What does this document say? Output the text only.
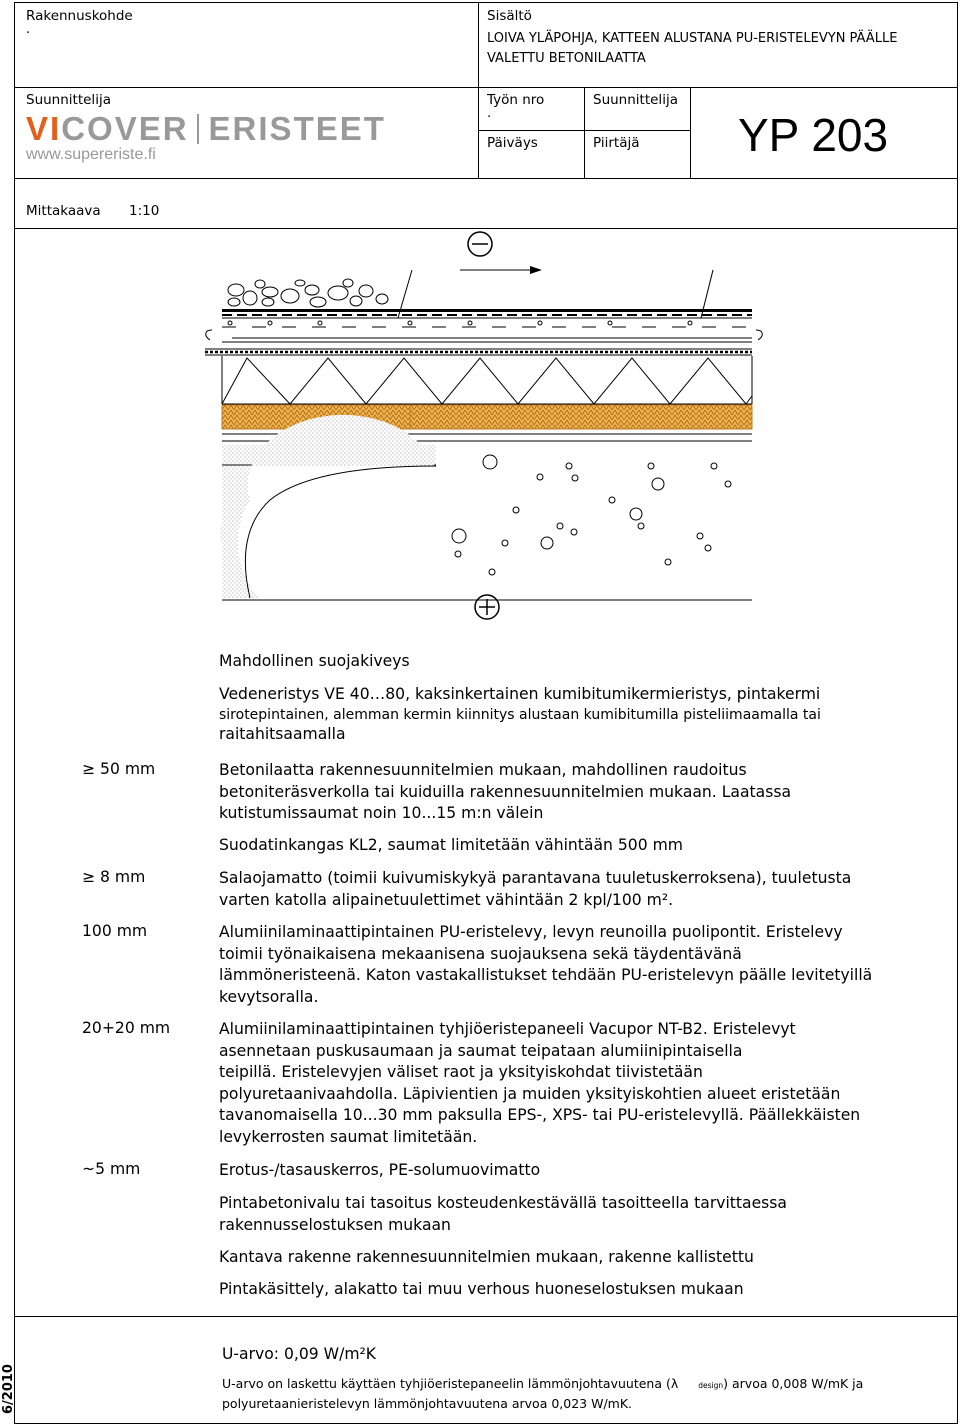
Rakennuskohde
.
Sisältö
LOIVA YLÄPOHJA, KATTEEN ALUSTANA PU-ERISTELEVYN PÄÄLLE
VALETTU BETONILAATTA
Suunnittelija
VICOVER ERISTEET
www.supereriste.fi
Työn nro
.
Suunnittelija
Päiväys	Piirtäjä YP 203
Mittakaava 1:10
Mahdollinen suojakiveys
Vedeneristys VE 40…80, kaksinkertainen kumibitumikermieristys, pintakermi
sirotepintainen, alemman kermin kiinnitys alustaan kumibitumilla pisteliimaamalla tai
raitahitsaamalla
≥ 50 mm	Betonilaatta rakennesuunnitelmien mukaan, mahdollinen raudoitus
betoniteräsverkolla tai kuiduilla rakennesuunnitelmien mukaan. Laatassa
kutistumissaumat noin 10...15 m:n välein
Suodatinkangas KL2, saumat limitetään vähintään 500 mm
≥ 8 mm	Salaojamatto (toimii kuivumiskykyä parantavana tuuletuskerroksena), tuuletusta
varten katolla alipainetuulettimet vähintään 2 kpl/100 m².
100 mm	Alumiinilaminaattipintainen PU-eristelevy, levyn reunoilla puolipontit. Eristelevy
toimii työnaikaisena mekaanisena suojauksena sekä täydentävänä
lämmöneristeenä. Katon vastakallistukset tehdään PU-eristelevyn päälle levitetyillä
kevytsoralla.
20+20 mm	Alumiinilaminaattipintainen tyhjiöeristepaneeli Vacupor NT-B2. Eristelevyt
asennetaan puskusaumaan ja saumat teipataan alumiinipintaisella
teipillä. Eristelevyjen väliset raot ja yksityiskohdat tiivistetään
polyuretaanivaahdolla. Läpivientien ja muiden yksityiskohtien alueet eristetään
tavanomaisella 10...30 mm paksulla EPS-, XPS- tai PU-eristelevyllä. Päällekkäisten
levykerrosten saumat limitetään.
~5 mm	Erotus-/tasauskerros, PE-solumuovimatto
Pintabetonivalu tai tasoitus kosteudenkestävällä tasoitteella tarvittaessa
rakennusselostuksen mukaan
Kantava rakenne rakennesuunnitelmien mukaan, rakenne kallistettu
Pintakäsittely, alakatto tai muu verhous huoneselostuksen mukaan
U-arvo: 0,09 W/m²K
U-arvo on laskettu käyttäen tyhjiöeristepaneelin lämmönjohtavuutena (λ	design) arvoa 0,008 W/mK ja
polyuretaanieristelevyn lämmönjohtavuutena arvoa 0,023 W/mK.
6/2010
